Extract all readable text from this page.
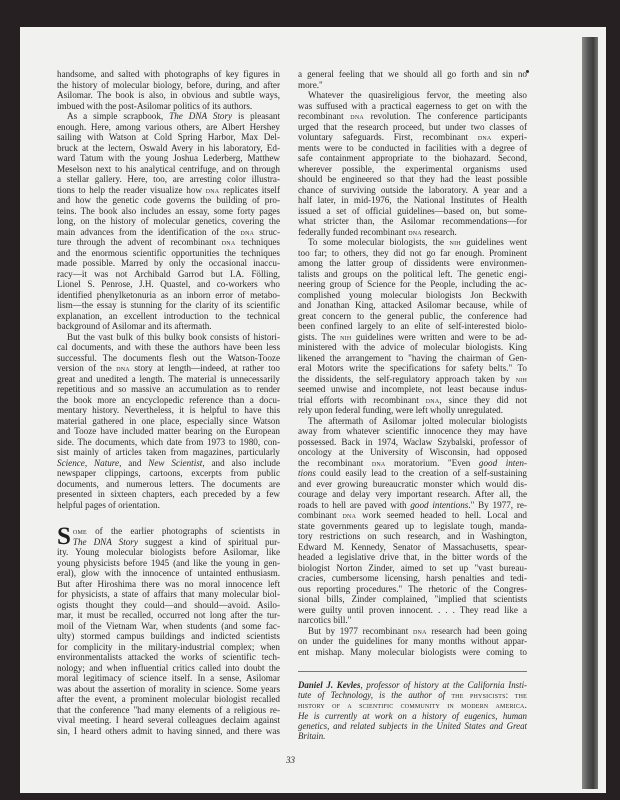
handsome, and salted with photographs of key figures in
the history of molecular biology, before, during, and after
Asilomar. The book is also, in obvious and subtle ways,
imbued with the post-Asilomar politics of its authors.
As a simple scrapbook, The DNA Story is pleasant
enough. Here, among various others, are Albert Hershey
sailing with Watson at Cold Spring Harbor, Max Del-
bruck at the lectern, Oswald Avery in his laboratory, Ed-
ward Tatum with the young Joshua Lederberg, Matthew
Meselson next to his analytical centrifuge, and on through
a stellar gallery. Here, too, are arresting color illustra-
tions to help the reader visualize how dna replicates itself
and how the genetic code governs the building of pro-
teins. The book also includes an essay, some forty pages
long, on the history of molecular genetics, covering the
main advances from the identification of the dna struc-
ture through the advent of recombinant dna techniques
and the enormous scientific opportunities the techniques
made possible. Marred by only the occasional inaccu-
racy—it was not Archibald Garrod but I.A. Fölling,
Lionel S. Penrose, J.H. Quastel, and co-workers who
identified phenylketonuria as an inborn error of metabo-
lism—the essay is stunning for the clarity of its scientific
explanation, an excellent introduction to the technical
background of Asilomar and its aftermath.
But the vast bulk of this bulky book consists of histori-
cal documents, and with these the authors have been less
successful. The documents flesh out the Watson-Tooze
version of the dna story at length—indeed, at rather too
great and unedited a length. The material is unnecessarily
repetitious and so massive an accumulation as to render
the book more an encyclopedic reference than a docu-
mentary history. Nevertheless, it is helpful to have this
material gathered in one place, especially since Watson
and Tooze have included matter bearing on the European
side. The documents, which date from 1973 to 1980, con-
sist mainly of articles taken from magazines, particularly
Science, Nature, and New Scientist, and also include
newspaper clippings, cartoons, excerpts from public
documents, and numerous letters. The documents are
presented in sixteen chapters, each preceded by a few
helpful pages of orientation.
S ome of the earlier photographs of scientists in
The DNA Story suggest a kind of spiritual pur-
ity. Young molecular biologists before Asilomar, like
young physicists before 1945 (and like the young in gen-
eral), glow with the innocence of untainted enthusiasm.
But after Hiroshima there was no moral innocence left
for physicists, a state of affairs that many molecular biol-
ogists thought they could—and should—avoid. Asilo-
mar, it must be recalled, occurred not long after the tur-
moil of the Vietnam War, when students (and some fac-
ulty) stormed campus buildings and indicted scientists
for complicity in the military-industrial complex; when
environmentalists attacked the works of scientific tech-
nology; and when influential critics called into doubt the
moral legitimacy of science itself. In a sense, Asilomar
was about the assertion of morality in science. Some years
after the event, a prominent molecular biologist recalled
that the conference "had many elements of a religious re-
vival meeting. I heard several colleagues declaim against
sin, I heard others admit to having sinned, and there was
a general feeling that we should all go forth and sin no
more."
Whatever the quasireligious fervor, the meeting also
was suffused with a practical eagerness to get on with the
recombinant dna revolution. The conference participants
urged that the research proceed, but under two classes of
voluntary safeguards. First, recombinant dna experi-
ments were to be conducted in facilities with a degree of
safe containment appropriate to the biohazard. Second,
wherever possible, the experimental organisms used
should be engineered so that they had the least possible
chance of surviving outside the laboratory. A year and a
half later, in mid-1976, the National Institutes of Health
issued a set of official guidelines—based on, but some-
what stricter than, the Asilomar recommendations—for
federally funded recombinant dna research.
To some molecular biologists, the nih guidelines went
too far; to others, they did not go far enough. Prominent
among the latter group of dissidents were environmen-
talists and groups on the political left. The genetic engi-
neering group of Science for the People, including the ac-
complished young molecular biologists Jon Beckwith
and Jonathan King, attacked Asilomar because, while of
great concern to the general public, the conference had
been confined largely to an elite of self-interested biolo-
gists. The nih guidelines were written and were to be ad-
ministered with the advice of molecular biologists. King
likened the arrangement to "having the chairman of Gen-
eral Motors write the specifications for safety belts." To
the dissidents, the self-regulatory approach taken by nih
seemed unwise and incomplete, not least because indus-
trial efforts with recombinant dna, since they did not
rely upon federal funding, were left wholly unregulated.
The aftermath of Asilomar jolted molecular biologists
away from whatever scientific innocence they may have
possessed. Back in 1974, Waclaw Szybalski, professor of
oncology at the University of Wisconsin, had opposed
the recombinant dna moratorium. "Even good inten-
tions could easily lead to the creation of a self-sustaining
and ever growing bureaucratic monster which would dis-
courage and delay very important research. After all, the
roads to hell are paved with good intentions." By 1977, re-
combinant dna work seemed headed to hell. Local and
state governments geared up to legislate tough, manda-
tory restrictions on such research, and in Washington,
Edward M. Kennedy, Senator of Massachusetts, spear-
headed a legislative drive that, in the bitter words of the
biologist Norton Zinder, aimed to set up "vast bureau-
cracies, cumbersome licensing, harsh penalties and tedi-
ous reporting procedures." The rhetoric of the Congres-
sional bills, Zinder complained, "implied that scientists
were guilty until proven innocent. . . . They read like a
narcotics bill."
But by 1977 recombinant dna research had been going
on under the guidelines for many months without appar-
ent mishap. Many molecular biologists were coming to
Daniel J. Kevles, professor of history at the California Insti-
tute of Technology, is the author of the physicists: the
history of a scientific community in modern america.
He is currently at work on a history of eugenics, human
genetics, and related subjects in the United States and Great
Britain.
33
